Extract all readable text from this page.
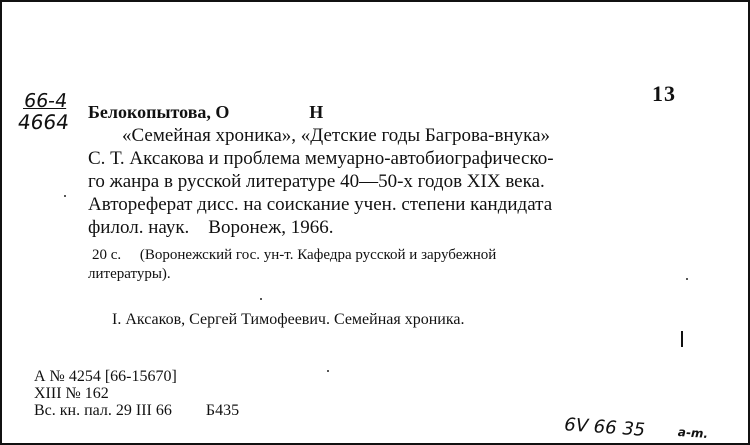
66-4
4664
13
Белокопытова, О	Н
«Семейная хроника», «Детские годы Багрова-внука»
С. Т. Аксакова и проблема мемуарно-автобиографическо-
го жанра в русской литературе 40—50-х годов XIX века.
Автореферат дисс. на соискание учен. степени кандидата
филол. наук.    Воронеж, 1966.
20 с.     (Воронежский гос. ун-т. Кафедра русской и зарубежной
литературы).
I. Аксаков, Сергей Тимофеевич. Семейная хроника.
А № 4254 [66-15670]
XIII № 162
Вс. кн. пал. 29 III 66 Б435
6V 66 35 a-m.
